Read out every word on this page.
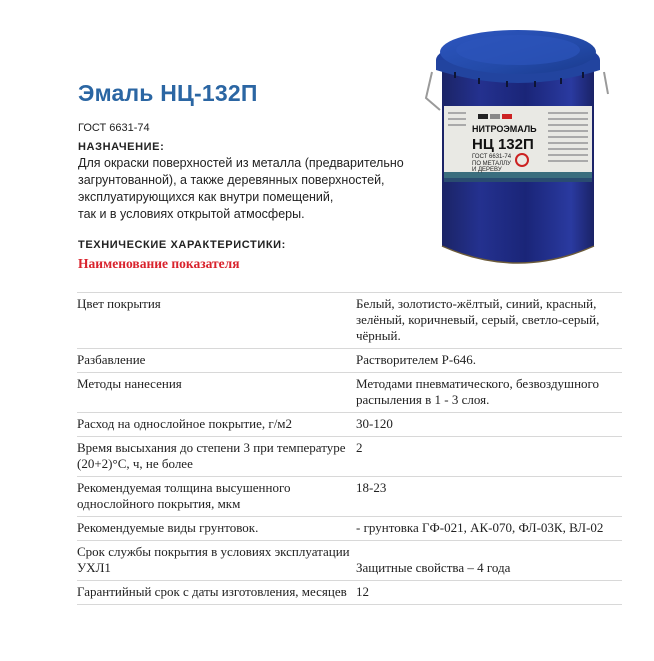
Эмаль НЦ-132П
ГОСТ 6631-74
НАЗНАЧЕНИЕ:
Для окраски поверхностей из металла (предварительно
загрунтованной), а также деревянных поверхностей,
эксплуатирующихся как внутри помещений,
так и в условиях открытой атмосферы.
ТЕХНИЧЕСКИЕ ХАРАКТЕРИСТИКИ:
Наименование показателя
НИТРОЭМАЛЬ
НЦ 132П
ГОСТ 6631-74
ПО МЕТАЛЛУ
И ДЕРЕВУ
Цвет покрытия	Белый, золотисто-жёлтый, синий, красный, зелёный, коричневый, серый, светло-серый, чёрный.
Разбавление	Растворителем Р-646.
Методы нанесения	Методами пневматического, безвоздушного распыления в 1 - 3 слоя.
Расход на однослойное покрытие, г/м2	30-120
Время высыхания до степени 3 при температуре (20+2)°С, ч, не более	2
Рекомендуемая толщина высушенного однослойного покрытия, мкм	18-23
Рекомендуемые виды грунтовок.	- грунтовка ГФ-021, АК-070, ФЛ-03К, ВЛ-02
Срок службы покрытия в условиях эксплуатации УХЛ1	Защитные свойства – 4 года
Гарантийный срок с даты изготовления, месяцев	12
